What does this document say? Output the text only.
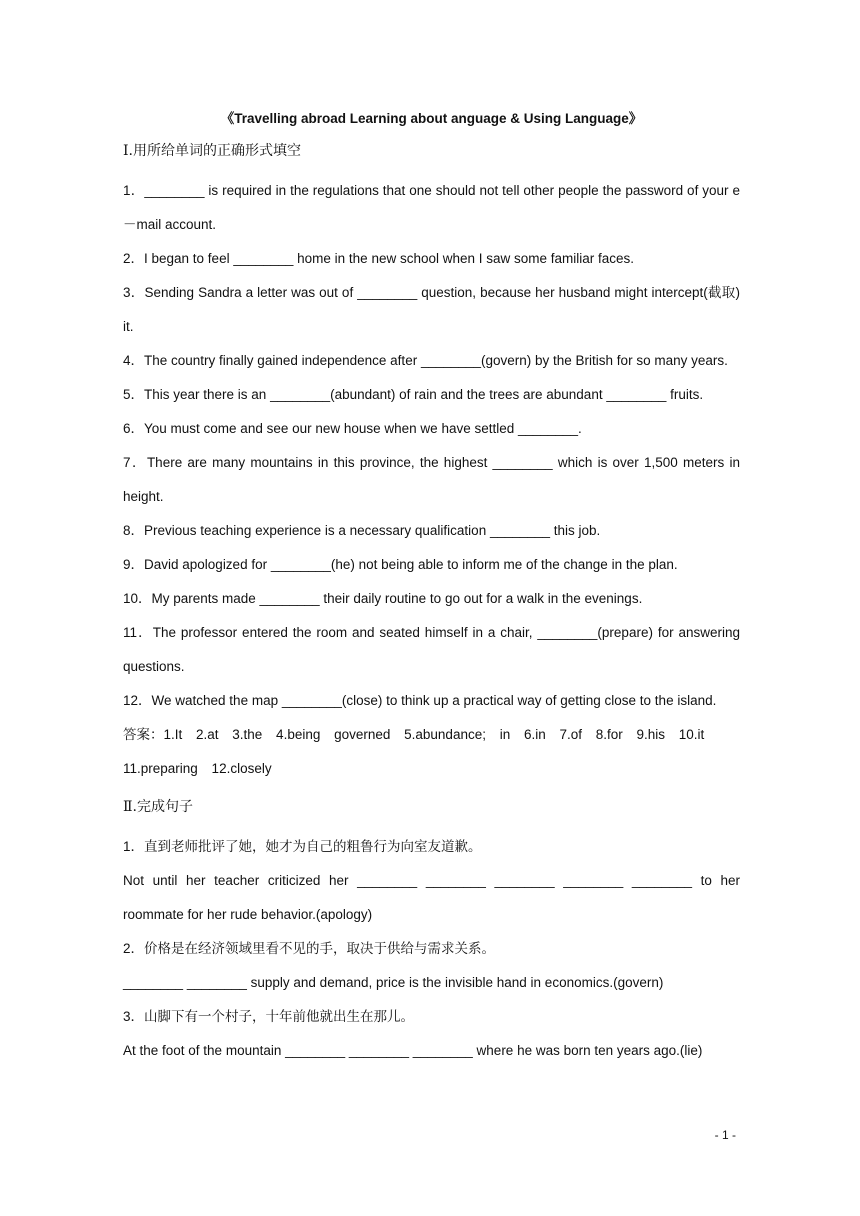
《Travelling abroad Learning about anguage & Using Language》

Ⅰ.用所给单词的正确形式填空

1．________ is required in the regulations that one should not tell other people the password of your e－mail account.

2．I began to feel ________ home in the new school when I saw some familiar faces.

3．Sending Sandra a letter was out of ________ question, because her husband might intercept(截取) it.

4．The country finally gained independence after ________(govern) by the British for so many years.

5．This year there is an ________(abundant) of rain and the trees are abundant ________ fruits.

6．You must come and see our new house when we have settled ________.

7．There are many mountains in this province, the highest ________ which is over 1,500 meters in height.

8．Previous teaching experience is a necessary qualification ________ this job.

9．David apologized for ________(he) not being able to inform me of the change in the plan.

10．My parents made ________ their daily routine to go out for a walk in the evenings.

11．The professor entered the room and seated himself in a chair, ________(prepare) for answering questions.

12．We watched the map ________(close) to think up a practical way of getting close to the island.

答案：1.It 2.at 3.the 4.being governed 5.abundance; in 6.in 7.of 8.for 9.his 10.it 11.preparing 12.closely

Ⅱ.完成句子

1．直到老师批评了她，她才为自己的粗鲁行为向室友道歉。

Not until her teacher criticized her ________ ________ ________ ________ ________ to her roommate for her rude behavior.(apology)

2．价格是在经济领域里看不见的手，取决于供给与需求关系。

________ ________ supply and demand, price is the invisible hand in economics.(govern)

3．山脚下有一个村子，十年前他就出生在那儿。

At the foot of the mountain ________ ________ ________ where he was born ten years ago.(lie)

- 1 -
